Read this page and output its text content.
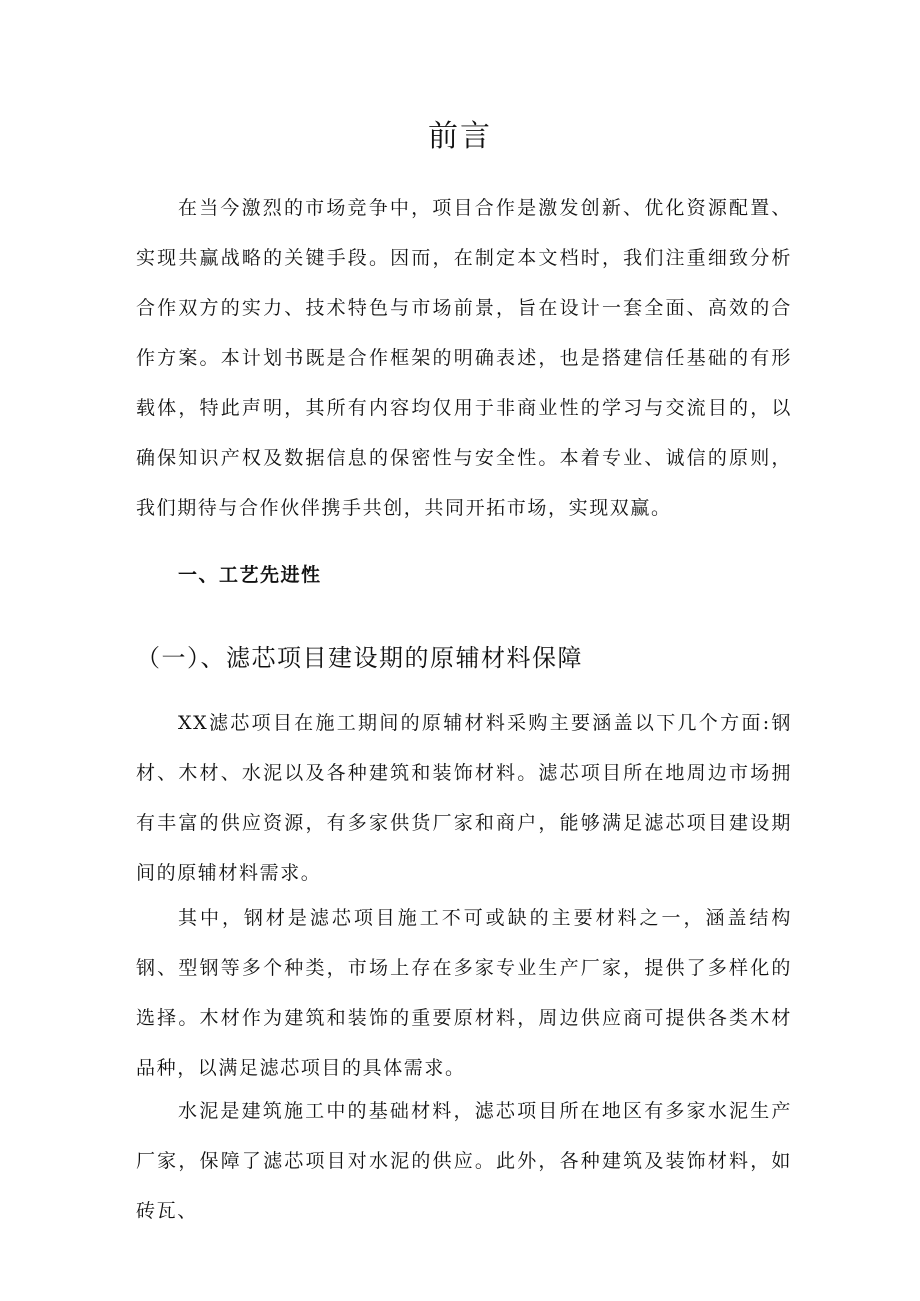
前言

在当今激烈的市场竞争中，项目合作是激发创新、优化资源配置、实现共赢战略的关键手段。因而，在制定本文档时，我们注重细致分析合作双方的实力、技术特色与市场前景，旨在设计一套全面、高效的合作方案。本计划书既是合作框架的明确表述，也是搭建信任基础的有形载体，特此声明，其所有内容均仅用于非商业性的学习与交流目的，以确保知识产权及数据信息的保密性与安全性。本着专业、诚信的原则，我们期待与合作伙伴携手共创，共同开拓市场，实现双赢。

一、工艺先进性
（一）、滤芯项目建设期的原辅材料保障

XX滤芯项目在施工期间的原辅材料采购主要涵盖以下几个方面:钢材、木材、水泥以及各种建筑和装饰材料。滤芯项目所在地周边市场拥有丰富的供应资源，有多家供货厂家和商户，能够满足滤芯项目建设期间的原辅材料需求。

其中，钢材是滤芯项目施工不可或缺的主要材料之一，涵盖结构钢、型钢等多个种类，市场上存在多家专业生产厂家，提供了多样化的选择。木材作为建筑和装饰的重要原材料，周边供应商可提供各类木材品种，以满足滤芯项目的具体需求。

水泥是建筑施工中的基础材料，滤芯项目所在地区有多家水泥生产厂家，保障了滤芯项目对水泥的供应。此外，各种建筑及装饰材料，如砖瓦、
